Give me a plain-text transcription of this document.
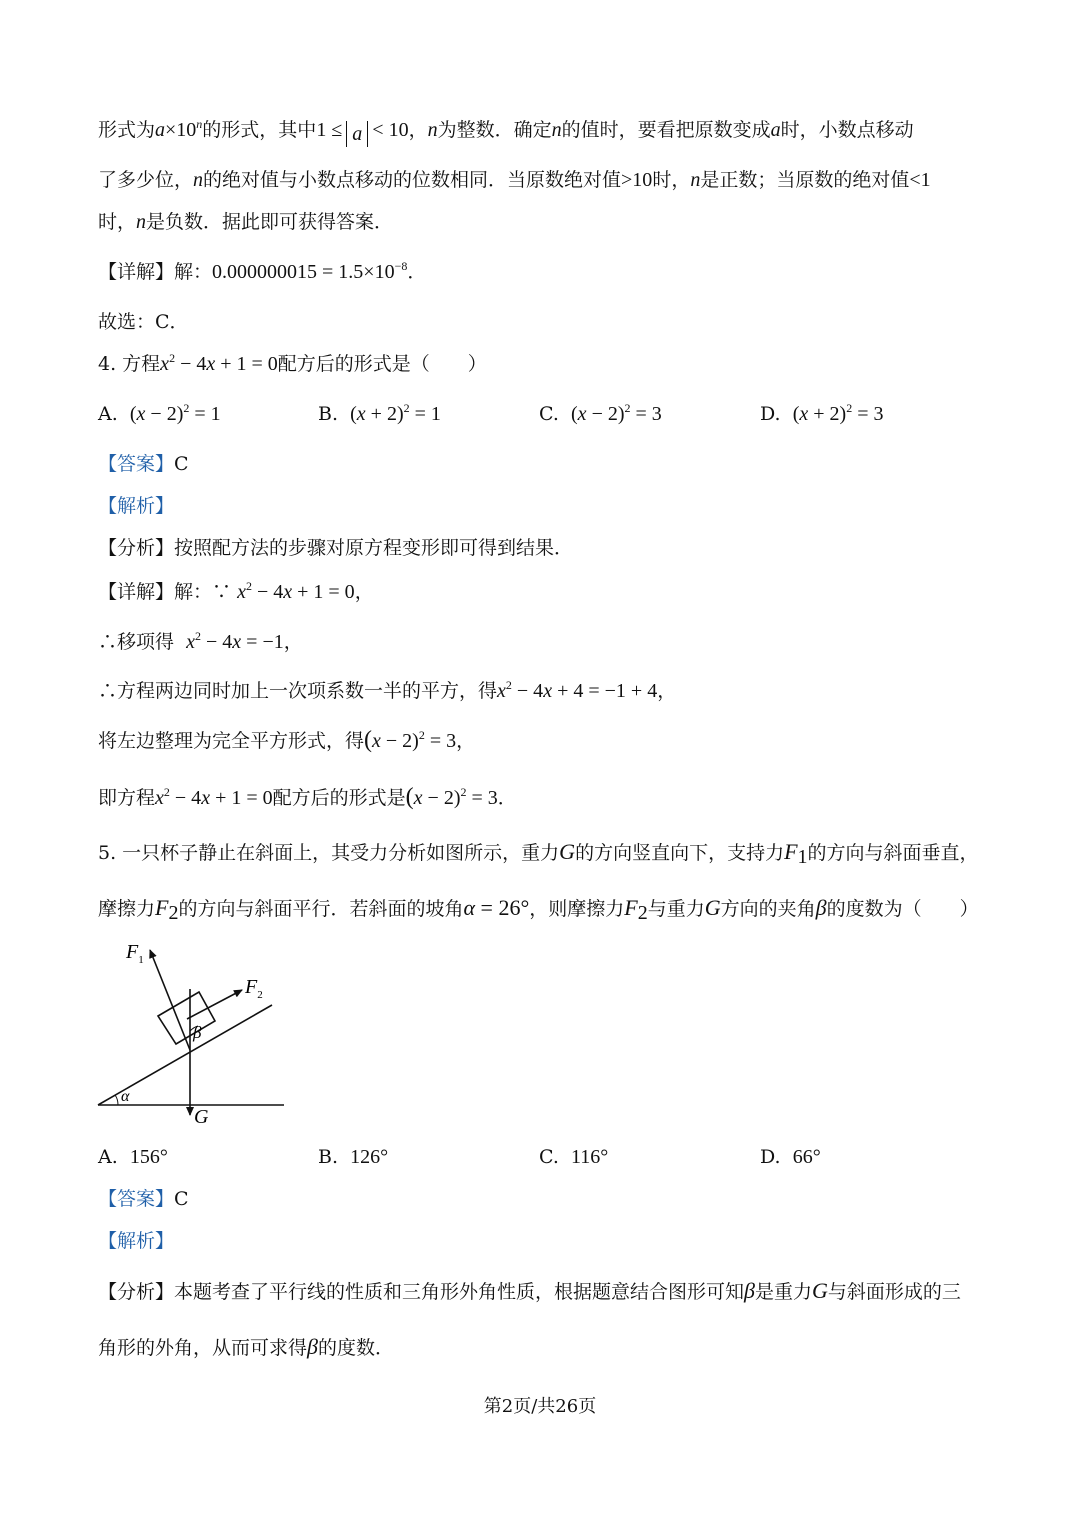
形式为$a\times 10^n$的形式，其中1 ≤ a < 10，n为整数．确定n的值时，要看把原数变成a时，小数点移动
了多少位，n的绝对值与小数点移动的位数相同．当原数绝对值>10时，n是正数；当原数的绝对值<1
时，n是负数．据此即可获得答案．
【详解】解：$0.000000015 = 1.5\times 10^{-8}$．
故选：C．
4. 方程$x^2 - 4x + 1 = 0$配方后的形式是（　　）
A. $(x - 2)^2 = 1$	B. $(x + 2)^2 = 1$	C. $(x - 2)^2 = 3$	D. $(x + 2)^2 = 3$
【答案】C
【解析】
【分析】按照配方法的步骤对原方程变形即可得到结果．
【详解】解：∵ $x^2 - 4x + 1 = 0$，
∴移项得 $x^2 - 4x = -1$，
∴方程两边同时加上一次项系数一半的平方，得$x^2 - 4x + 4 = -1 + 4$，
将左边整理为完全平方形式，得$(x - 2)^2 = 3$，
即方程$x^2 - 4x + 1 = 0$配方后的形式是$(x - 2)^2 = 3$．
5. 一只杯子静止在斜面上，其受力分析如图所示，重力G的方向竖直向下，支持力$F_1$的方向与斜面垂直，
摩擦力$F_2$的方向与斜面平行．若斜面的坡角α = 26°，则摩擦力$F_2$与重力G方向的夹角β的度数为（　　）
$F_1$
$F_2$
β
α
G
A. 156°	B. 126°	C. 116°	D. 66°
【答案】C
【解析】
【分析】本题考查了平行线的性质和三角形外角性质，根据题意结合图形可知β是重力G与斜面形成的三
角形的外角，从而可求得β的度数．
第2页/共26页
